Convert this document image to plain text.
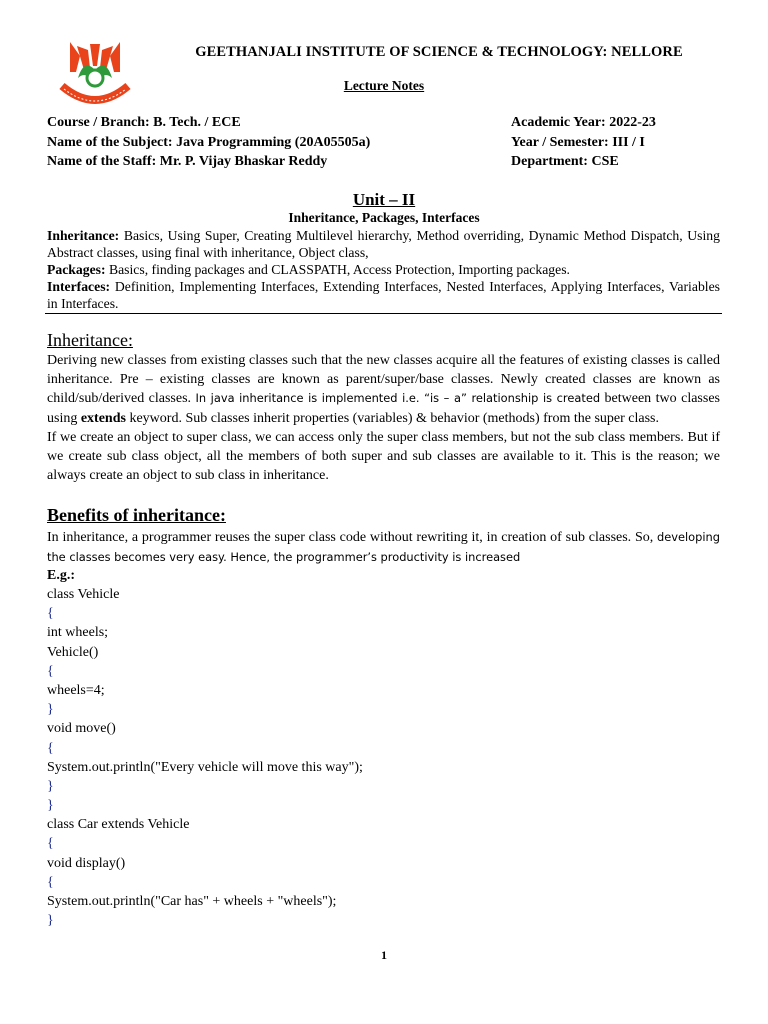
GEETHANJALI INSTITUTE OF SCIENCE & TECHNOLOGY: NELLORE
Lecture Notes
Course / Branch: B. Tech. / ECE
Name of the Subject: Java Programming (20A05505a)
Name of the Staff: Mr. P. Vijay Bhaskar Reddy
Academic Year: 2022-23
Year / Semester: III / I
Department: CSE
Unit – II
Inheritance, Packages, Interfaces

Inheritance: Basics, Using Super, Creating Multilevel hierarchy, Method overriding, Dynamic Method Dispatch, Using Abstract classes, using final with inheritance, Object class,

Packages: Basics, finding packages and CLASSPATH, Access Protection, Importing packages.

Interfaces: Definition, Implementing Interfaces, Extending Interfaces, Nested Interfaces, Applying Interfaces, Variables in Interfaces.

Inheritance:

Deriving new classes from existing classes such that the new classes acquire all the features of existing classes is called inheritance. Pre – existing classes are known as parent/super/base classes. Newly created classes are known as child/sub/derived classes. In java inheritance is implemented i.e. “is – a” relationship is created between two classes using extends keyword. Sub classes inherit properties (variables) & behavior (methods) from the super class.

If we create an object to super class, we can access only the super class members, but not the sub class members. But if we create sub class object, all the members of both super and sub classes are available to it. This is the reason; we always create an object to sub class in inheritance.

Benefits of inheritance:

In inheritance, a programmer reuses the super class code without rewriting it, in creation of sub classes. So, developing the classes becomes very easy. Hence, the programmer’s productivity is increased

E.g.:
class Vehicle
{
int wheels;
Vehicle()
{
wheels=4;
}
void move()
{
System.out.println("Every vehicle will move this way");
}
}
class Car extends Vehicle
{
void display()
{
System.out.println("Car has" + wheels + "wheels");
}
1
